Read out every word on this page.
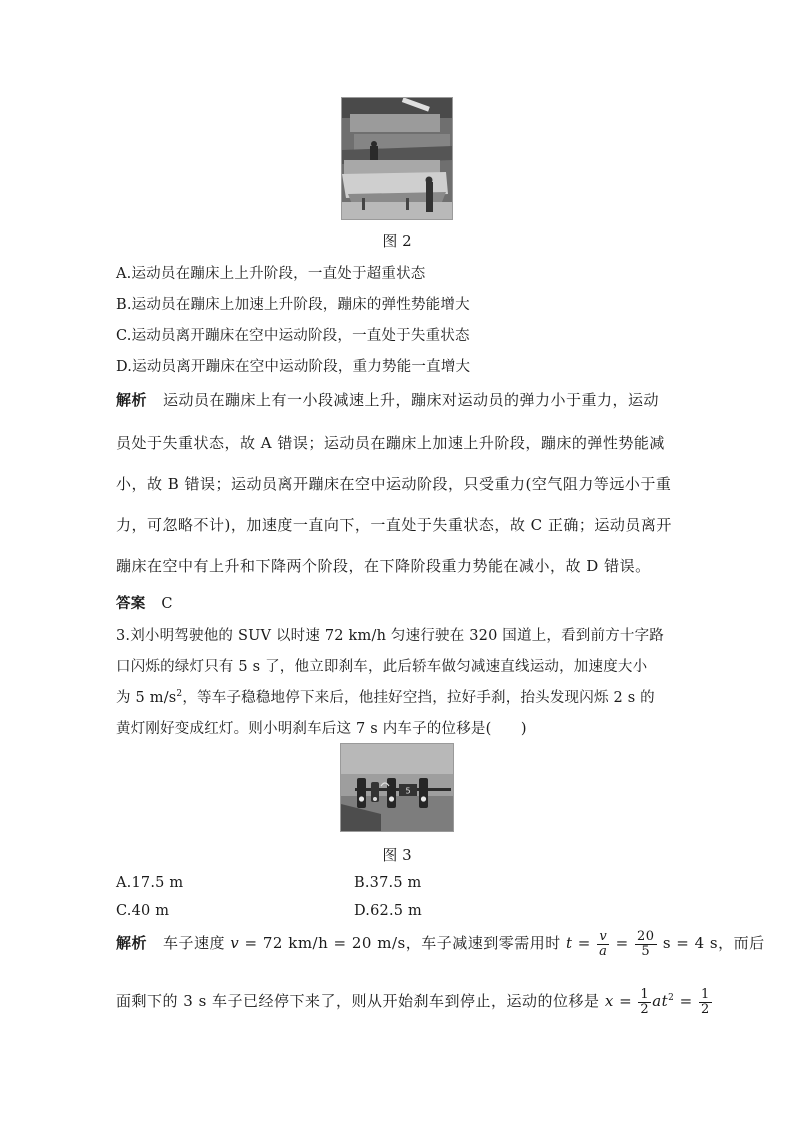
图 2
A.运动员在蹦床上上升阶段，一直处于超重状态
B.运动员在蹦床上加速上升阶段，蹦床的弹性势能增大
C.运动员离开蹦床在空中运动阶段，一直处于失重状态
D.运动员离开蹦床在空中运动阶段，重力势能一直增大
解析 运动员在蹦床上有一小段减速上升，蹦床对运动员的弹力小于重力，运动
员处于失重状态，故 A 错误；运动员在蹦床上加速上升阶段，蹦床的弹性势能减
小，故 B 错误；运动员离开蹦床在空中运动阶段，只受重力(空气阻力等远小于重
力，可忽略不计)，加速度一直向下，一直处于失重状态，故 C 正确；运动员离开
蹦床在空中有上升和下降两个阶段，在下降阶段重力势能在减小，故 D 错误。
答案 C
3.刘小明驾驶他的 SUV 以时速 72 km/h 匀速行驶在 320 国道上，看到前方十字路
口闪烁的绿灯只有 5 s 了，他立即刹车，此后轿车做匀减速直线运动，加速度大小
为 5 $m/s^2$，等车子稳稳地停下来后，他挂好空挡，拉好手刹，抬头发现闪烁 2 s 的
黄灯刚好变成红灯。则小明刹车后这 7 s 内车子的位移是(　　)
5
图 3
A.17.5 m	B.37.5 m
C.40 m	D.62.5 m
解析 车子速度 v = 72 km/h = 20 m/s，车子减速到零需用时 $t = \frac{v}{a} = \frac{20}{5}$ s = 4 s，而后
面剩下的 3 s 车子已经停下来了，则从开始刹车到停止，运动的位移是 $x = \frac{1}{2} at^2 = \frac{1}{2}$
